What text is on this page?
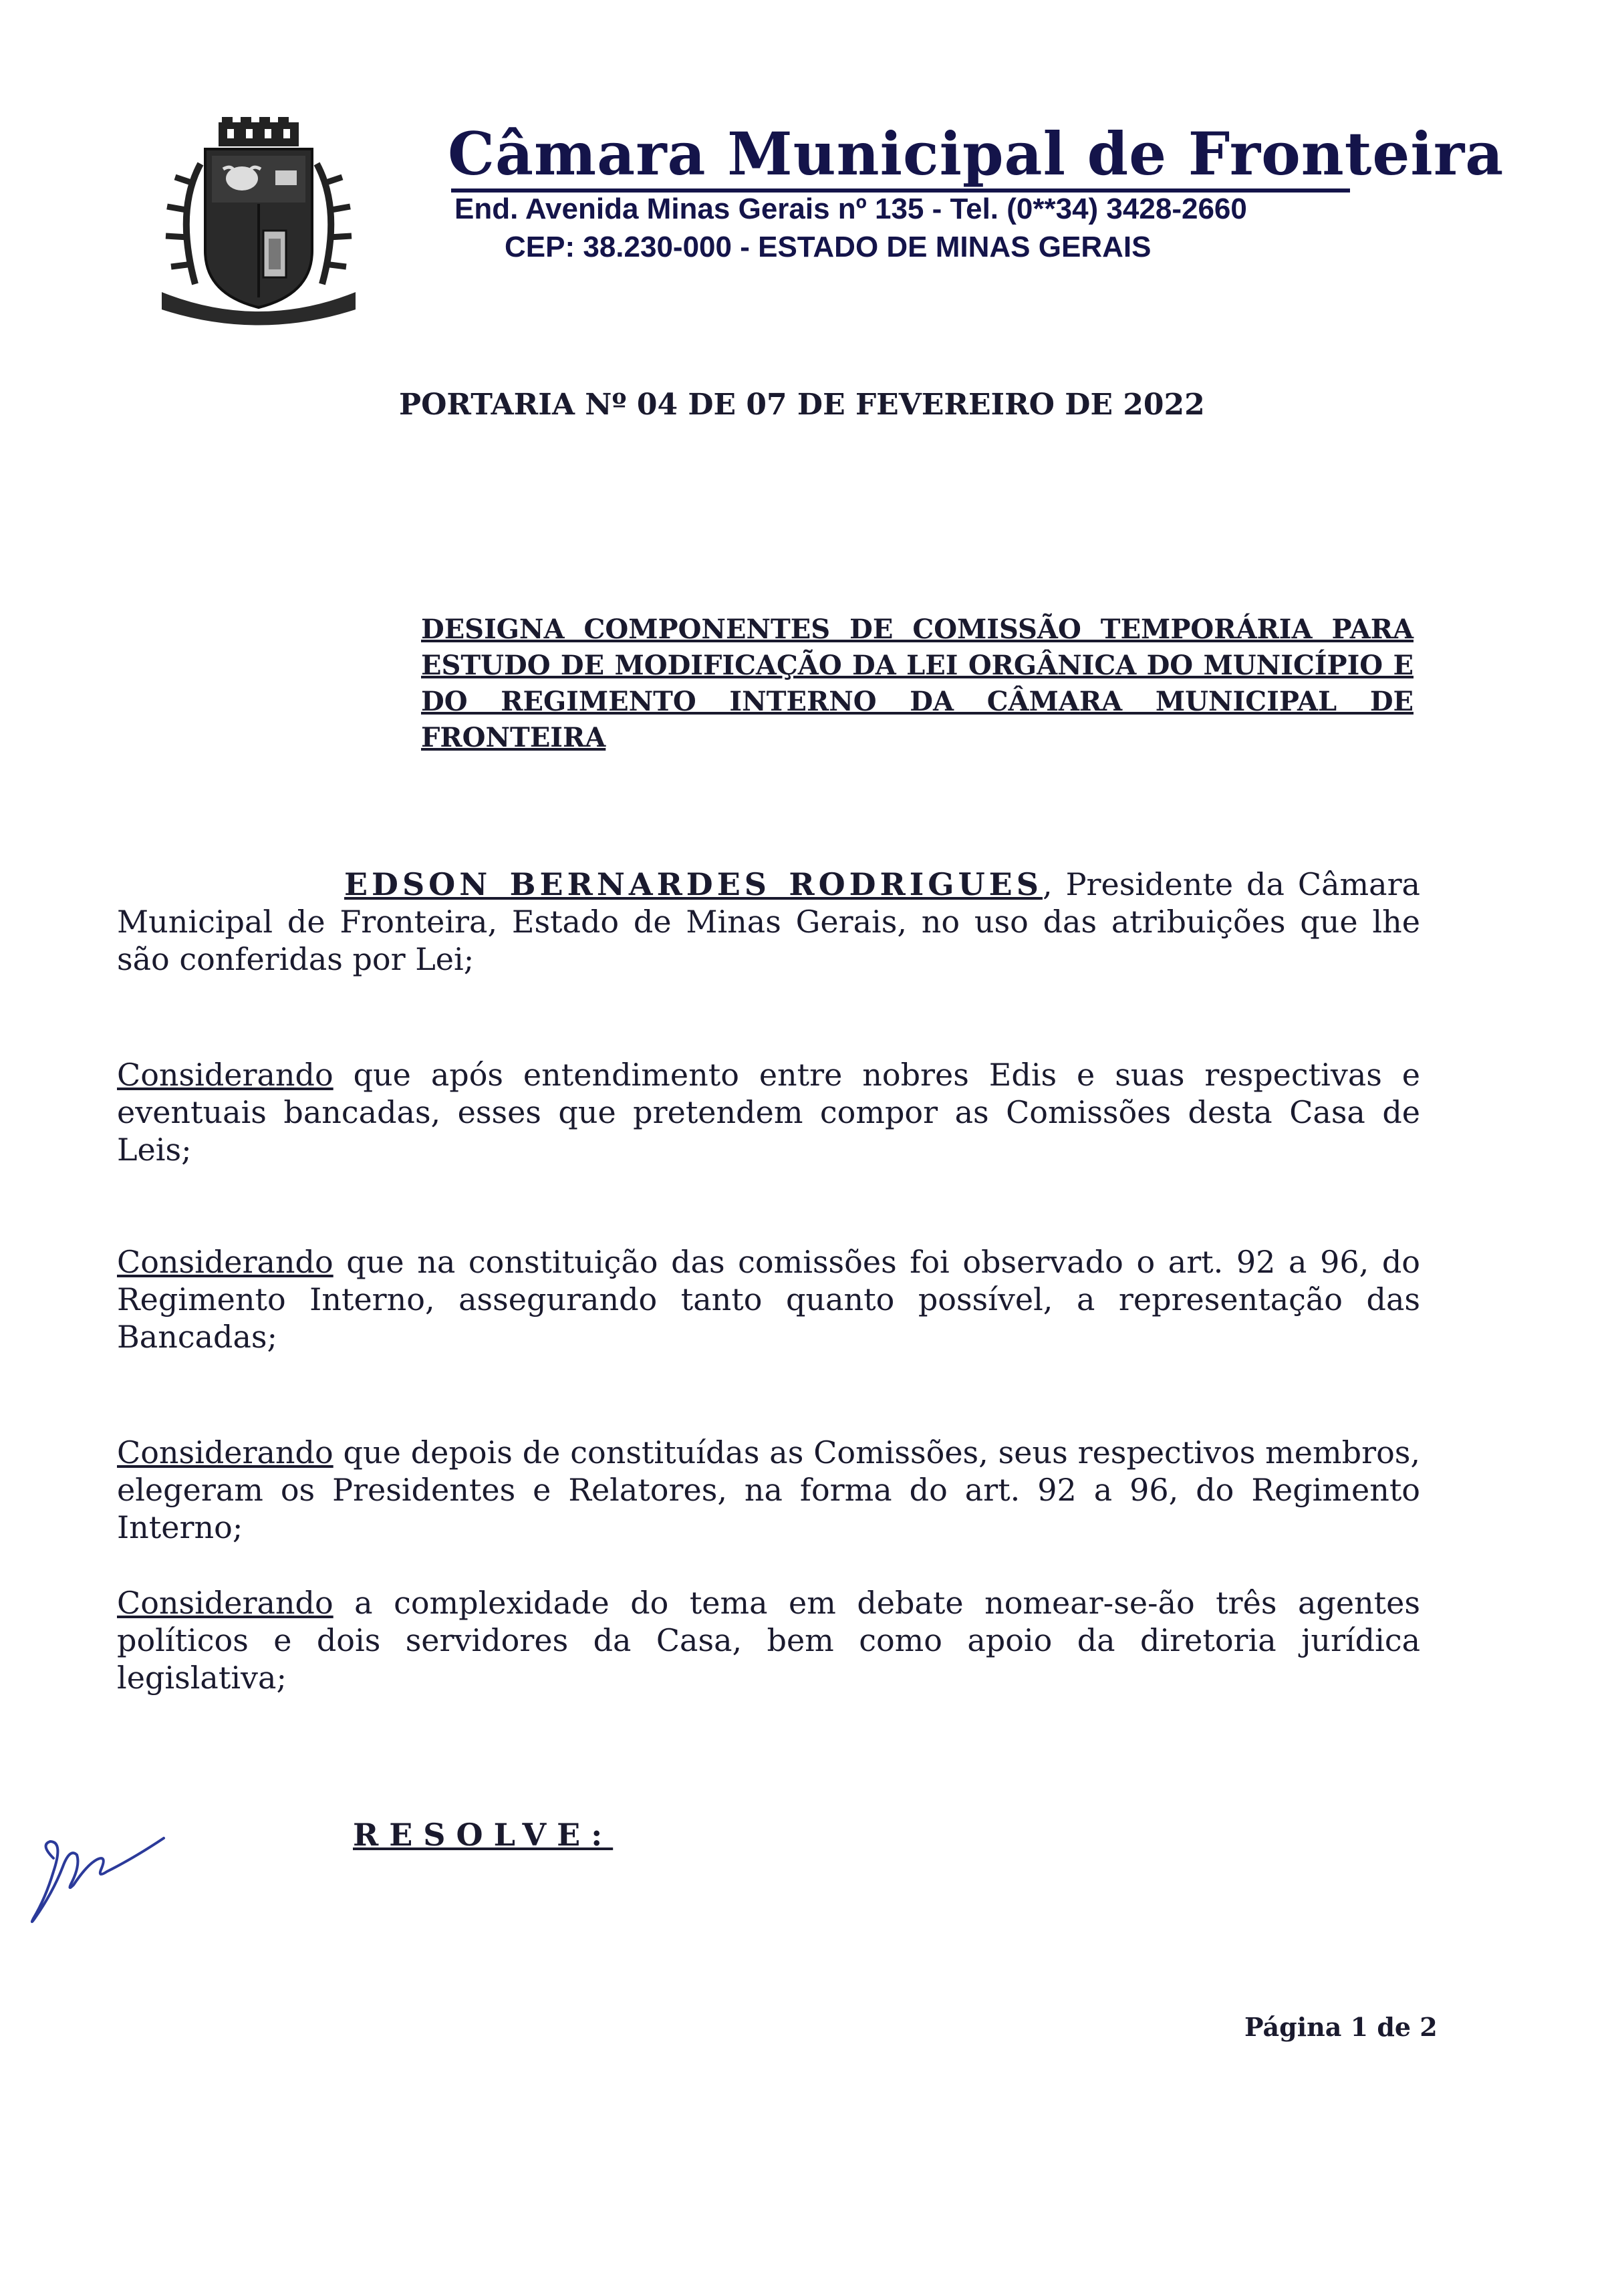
Câmara Municipal de Fronteira
End. Avenida Minas Gerais nº 135 - Tel. (0**34) 3428-2660
CEP: 38.230-000 - ESTADO DE MINAS GERAIS
PORTARIA Nº 04 DE 07 DE FEVEREIRO DE 2022
DESIGNA COMPONENTES DE COMISSÃO TEMPORÁRIA PARA ESTUDO DE MODIFICAÇÃO DA LEI ORGÂNICA DO MUNICÍPIO E DO REGIMENTO INTERNO DA CÂMARA MUNICIPAL DE FRONTEIRA
EDSON BERNARDES RODRIGUES, Presidente da Câmara Municipal de Fronteira, Estado de Minas Gerais, no uso das atribuições que lhe são conferidas por Lei;
Considerando que após entendimento entre nobres Edis e suas respectivas e eventuais bancadas, esses que pretendem compor as Comissões desta Casa de Leis;
Considerando que na constituição das comissões foi observado o art. 92 a 96, do Regimento Interno, assegurando tanto quanto possível, a representação das Bancadas;
Considerando que depois de constituídas as Comissões, seus respectivos membros, elegeram os Presidentes e Relatores, na forma do art. 92 a 96, do Regimento Interno;
Considerando a complexidade do tema em debate nomear-se-ão três agentes políticos e dois servidores da Casa, bem como apoio da diretoria jurídica legislativa;
RESOLVE:
Página 1 de 2
